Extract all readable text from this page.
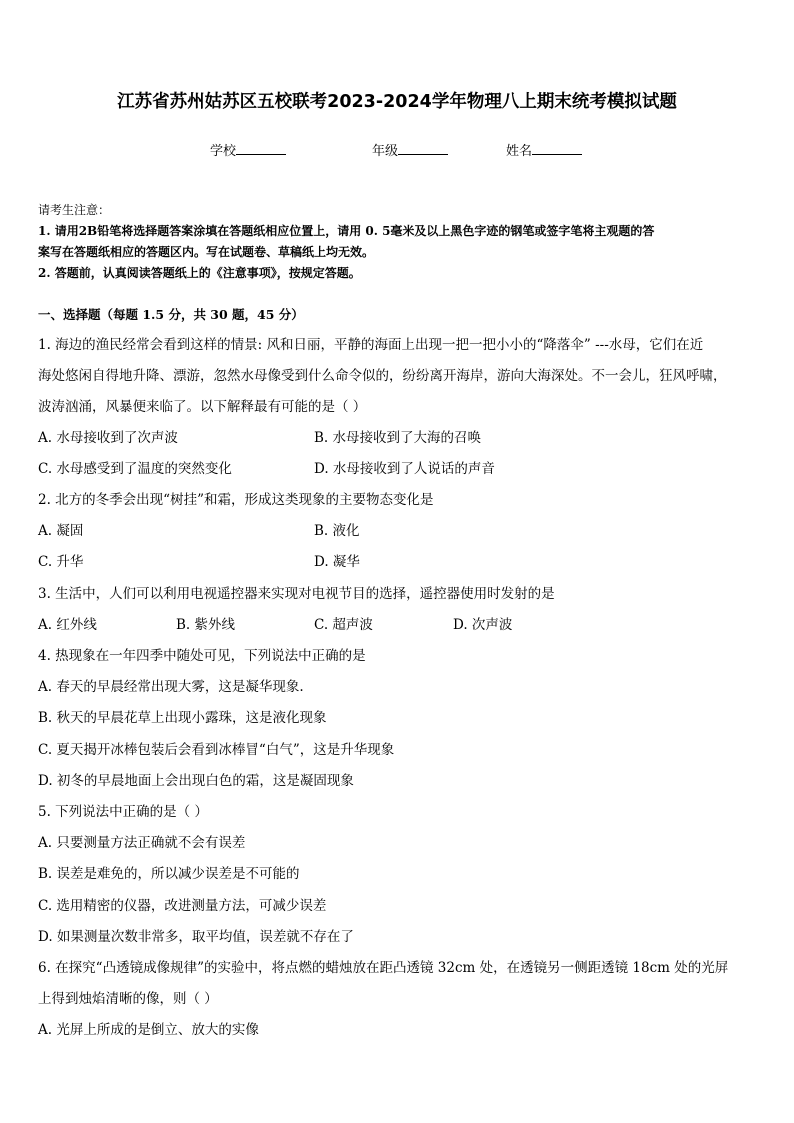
江苏省苏州姑苏区五校联考2023-2024学年物理八上期末统考模拟试题
学校	年级	姓名
请考生注意：
1. 请用2B铅笔将选择题答案涂填在答题纸相应位置上，请用 0. 5毫米及以上黑色字迹的钢笔或签字笔将主观题的答
案写在答题纸相应的答题区内。写在试题卷、草稿纸上均无效。
2. 答题前，认真阅读答题纸上的《注意事项》，按规定答题。
一、选择题（每题 1.5 分，共 30 题，45 分）
1. 海边的渔民经常会看到这样的情景: 风和日丽，平静的海面上出现一把一把小小的“降落伞” ---水母，它们在近
海处悠闲自得地升降、漂游，忽然水母像受到什么命令似的，纷纷离开海岸，游向大海深处。不一会儿，狂风呼啸，
波涛汹涌，风暴便来临了。以下解释最有可能的是（ ）
A. 水母接收到了次声波	B. 水母接收到了大海的召唤
C. 水母感受到了温度的突然变化	D. 水母接收到了人说话的声音
2. 北方的冬季会出现“树挂”和霜，形成这类现象的主要物态变化是
A. 凝固	B. 液化
C. 升华	D. 凝华
3. 生活中，人们可以利用电视遥控器来实现对电视节目的选择，遥控器使用时发射的是
A. 红外线	B. 紫外线	C. 超声波	D. 次声波
4. 热现象在一年四季中随处可见，下列说法中正确的是
A. 春天的早晨经常出现大雾，这是凝华现象.
B. 秋天的早晨花草上出现小露珠，这是液化现象
C. 夏天揭开冰棒包装后会看到冰棒冒“白气”，这是升华现象
D. 初冬的早晨地面上会出现白色的霜，这是凝固现象
5. 下列说法中正确的是（ ）
A. 只要测量方法正确就不会有误差
B. 误差是难免的，所以减少误差是不可能的
C. 选用精密的仪器，改进测量方法，可减少误差
D. 如果测量次数非常多，取平均值，误差就不存在了
6. 在探究“凸透镜成像规律”的实验中，将点燃的蜡烛放在距凸透镜 32cm 处，在透镜另一侧距透镜 18cm 处的光屏
上得到烛焰清晰的像，则（ ）
A. 光屏上所成的是倒立、放大的实像
